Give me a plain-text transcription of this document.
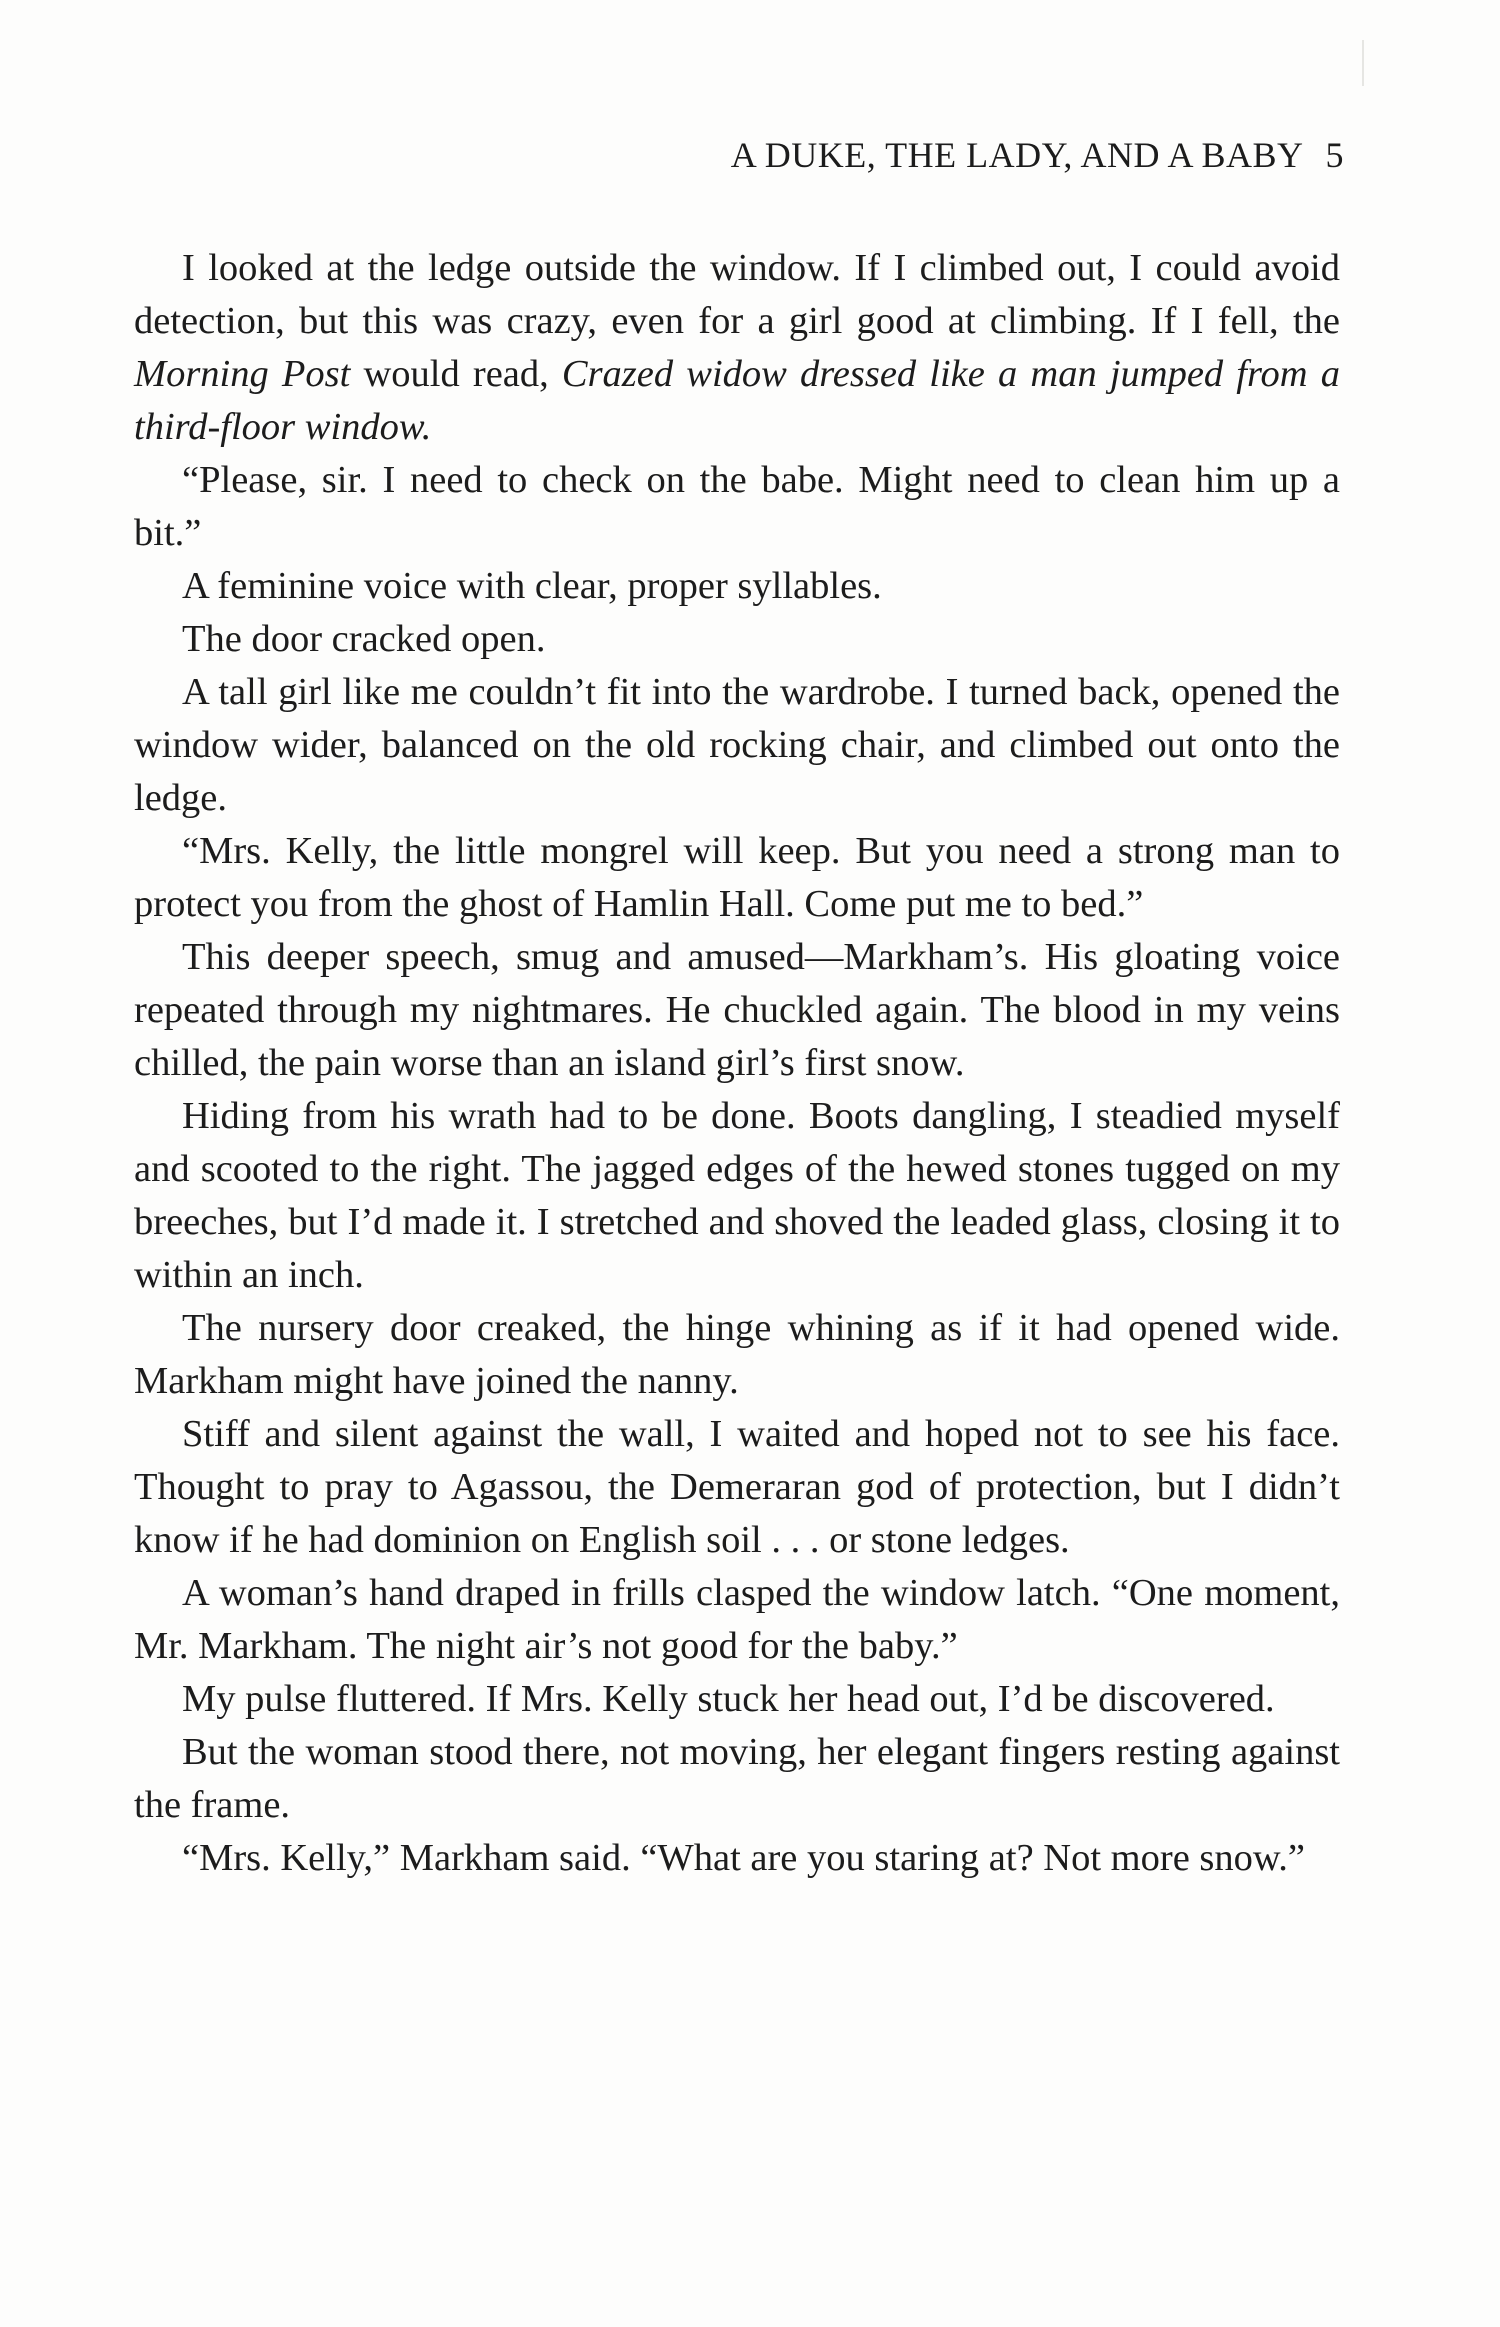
A DUKE, THE LADY, AND A BABY 5

I looked at the ledge outside the window. If I climbed out, I could avoid detection, but this was crazy, even for a girl good at climbing. If I fell, the Morning Post would read, Crazed widow dressed like a man jumped from a third-floor window.

“Please, sir. I need to check on the babe. Might need to clean him up a bit.”

A feminine voice with clear, proper syllables.

The door cracked open.

A tall girl like me couldn’t fit into the wardrobe. I turned back, opened the window wider, balanced on the old rocking chair, and climbed out onto the ledge.

“Mrs. Kelly, the little mongrel will keep. But you need a strong man to protect you from the ghost of Hamlin Hall. Come put me to bed.”

This deeper speech, smug and amused—Markham’s. His gloating voice repeated through my nightmares. He chuckled again. The blood in my veins chilled, the pain worse than an island girl’s first snow.

Hiding from his wrath had to be done. Boots dangling, I steadied myself and scooted to the right. The jagged edges of the hewed stones tugged on my breeches, but I’d made it. I stretched and shoved the leaded glass, closing it to within an inch.

The nursery door creaked, the hinge whining as if it had opened wide. Markham might have joined the nanny.

Stiff and silent against the wall, I waited and hoped not to see his face. Thought to pray to Agassou, the Demeraran god of protection, but I didn’t know if he had dominion on English soil . . . or stone ledges.

A woman’s hand draped in frills clasped the window latch. “One moment, Mr. Markham. The night air’s not good for the baby.”

My pulse fluttered. If Mrs. Kelly stuck her head out, I’d be discovered.

But the woman stood there, not moving, her elegant fingers resting against the frame.

“Mrs. Kelly,” Markham said. “What are you staring at? Not more snow.”
